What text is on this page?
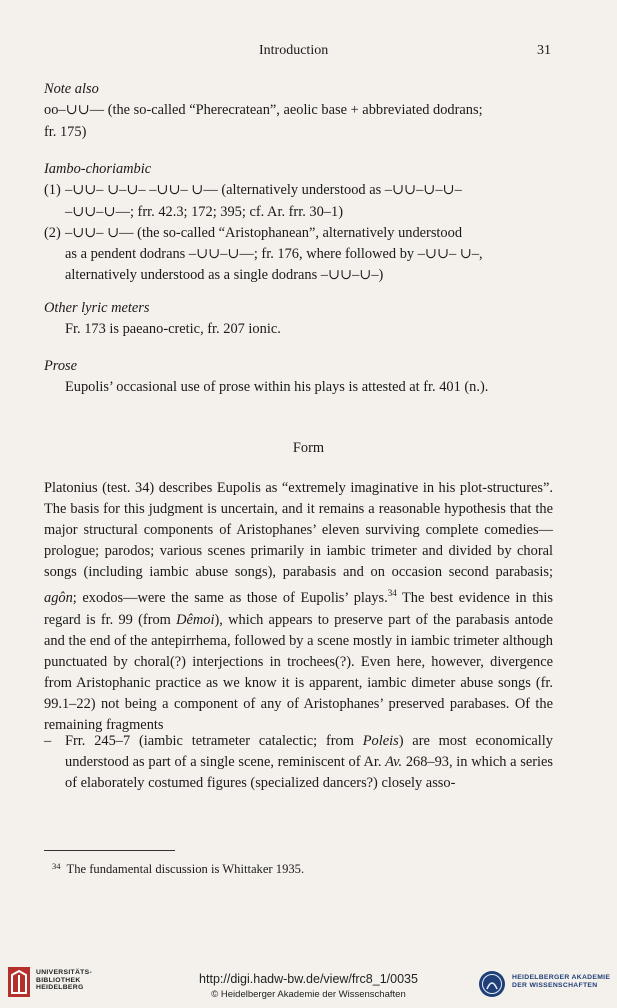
Introduction	31
Note also
oo–∪∪–– (the so-called “Pherecratean”, aeolic base + abbreviated dodrans;
fr. 175)
Iambo-choriambic
(1) –∪∪– ∪–∪– –∪∪– ∪–– (alternatively understood as –∪∪–∪–∪–
–∪∪–∪––; frr. 42.3; 172; 395; cf. Ar. frr. 30–1)
(2) –∪∪– ∪–– (the so-called “Aristophanean”, alternatively understood
as a pendent dodrans –∪∪–∪––; fr. 176, where followed by –∪∪– ∪–,
alternatively understood as a single dodrans –∪∪–∪–)
Other lyric meters
Fr. 173 is paeano-cretic, fr. 207 ionic.
Prose
Eupolis’ occasional use of prose within his plays is attested at fr. 401 (n.).
Form
Platonius (test. 34) describes Eupolis as “extremely imaginative in his plot-structures”. The basis for this judgment is uncertain, and it remains a reasonable hypothesis that the major structural components of Aristophanes’ eleven surviving complete comedies—prologue; parodos; various scenes primarily in iambic trimeter and divided by choral songs (including iambic abuse songs), parabasis and on occasion second parabasis; agôn; exodos—were the same as those of Eupolis’ plays.$^{34}$ The best evidence in this regard is fr. 99 (from Dêmoi), which appears to preserve part of the parabasis antode and the end of the antepirrhema, followed by a scene mostly in iambic trimeter although punctuated by choral(?) interjections in trochees(?). Even here, however, divergence from Aristophanic practice as we know it is apparent, iambic dimeter abuse songs (fr. 99.1–22) not being a component of any of Aristophanes’ preserved parabases. Of the remaining fragments
– Frr. 245–7 (iambic tetrameter catalectic; from Poleis) are most economically understood as part of a single scene, reminiscent of Ar. Av. 268–93, in which a series of elaborately costumed figures (specialized dancers?) closely asso-
$^{34}$ The fundamental discussion is Whittaker 1935.
UNIVERSITÄTS-
BIBLIOTHEK
HEIDELBERG
http://digi.hadw-bw.de/view/frc8_1/0035
© Heidelberger Akademie der Wissenschaften
HEIDELBERGER AKADEMIE
DER WISSENSCHAFTEN
